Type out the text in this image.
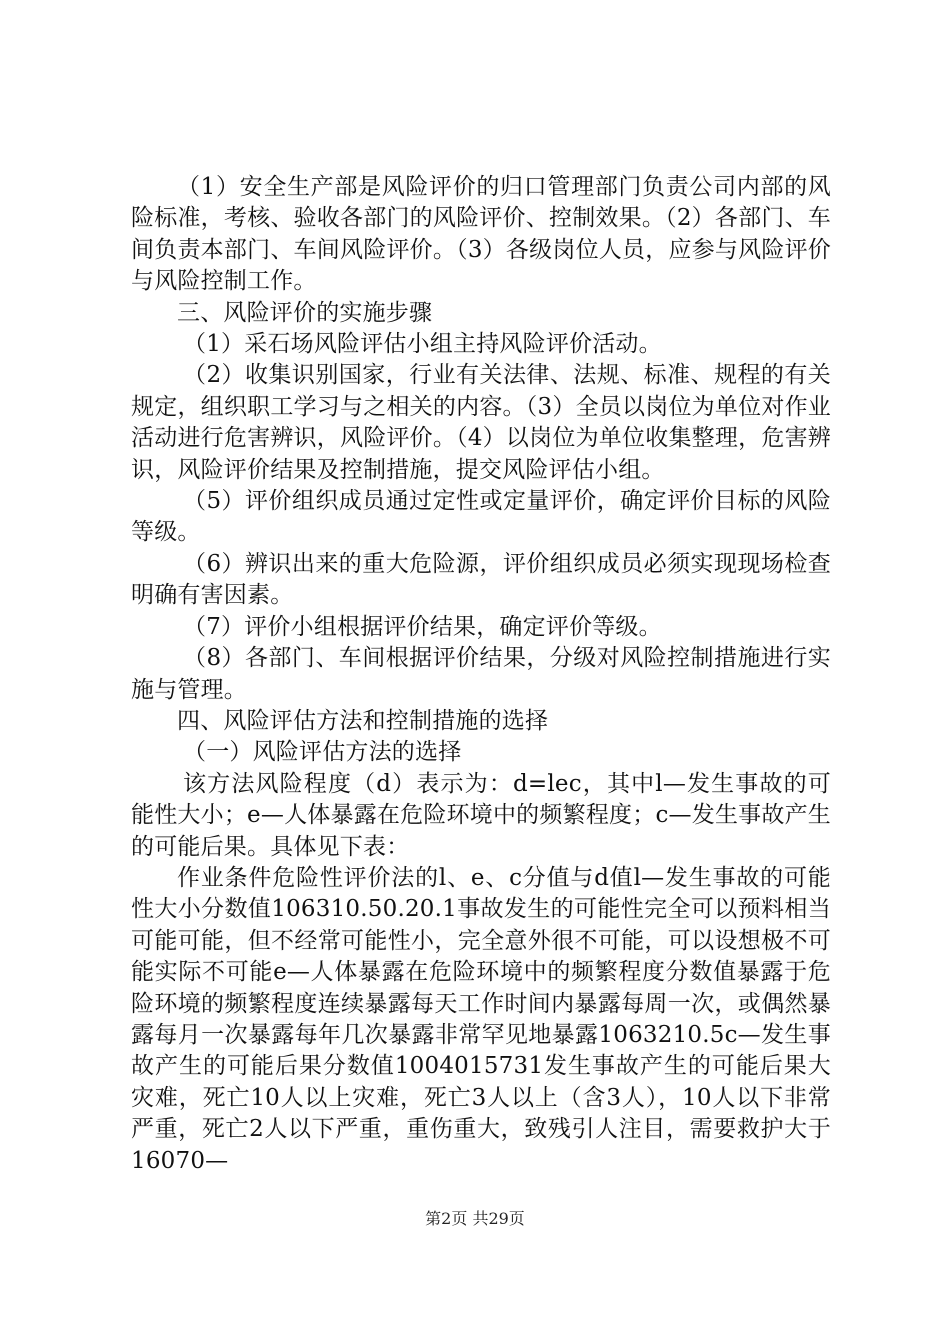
（1）安全生产部是风险评价的归口管理部门负责公司内部的风险标准，考核、验收各部门的风险评价、控制效果。（2）各部门、车间负责本部门、车间风险评价。（3）各级岗位人员，应参与风险评价与风险控制工作。

三、风险评价的实施步骤

（1）采石场风险评估小组主持风险评价活动。

（2）收集识别国家，行业有关法律、法规、标准、规程的有关规定，组织职工学习与之相关的内容。（3）全员以岗位为单位对作业活动进行危害辨识，风险评价。（4）以岗位为单位收集整理，危害辨识，风险评价结果及控制措施，提交风险评估小组。

（5）评价组织成员通过定性或定量评价，确定评价目标的风险等级。

（6）辨识出来的重大危险源，评价组织成员必须实现现场检查明确有害因素。

（7）评价小组根据评价结果，确定评价等级。

（8）各部门、车间根据评价结果，分级对风险控制措施进行实施与管理。

四、风险评估方法和控制措施的选择

（一）风险评估方法的选择

该方法风险程度（d）表示为：d=lec，其中l—发生事故的可能性大小；e—人体暴露在危险环境中的频繁程度；c—发生事故产生的可能后果。具体见下表：

作业条件危险性评价法的l、e、c分值与d值l—发生事故的可能性大小分数值106310.50.20.1事故发生的可能性完全可以预料相当可能可能，但不经常可能性小，完全意外很不可能，可以设想极不可能实际不可能e—人体暴露在危险环境中的频繁程度分数值暴露于危险环境的频繁程度连续暴露每天工作时间内暴露每周一次，或偶然暴露每月一次暴露每年几次暴露非常罕见地暴露1063210.5c—发生事故产生的可能后果分数值1004015731发生事故产生的可能后果大灾难，死亡10人以上灾难，死亡3人以上（含3人），10人以下非常严重，死亡2人以下严重，重伤重大，致残引人注目，需要救护大于16070—

第2页 共29页
